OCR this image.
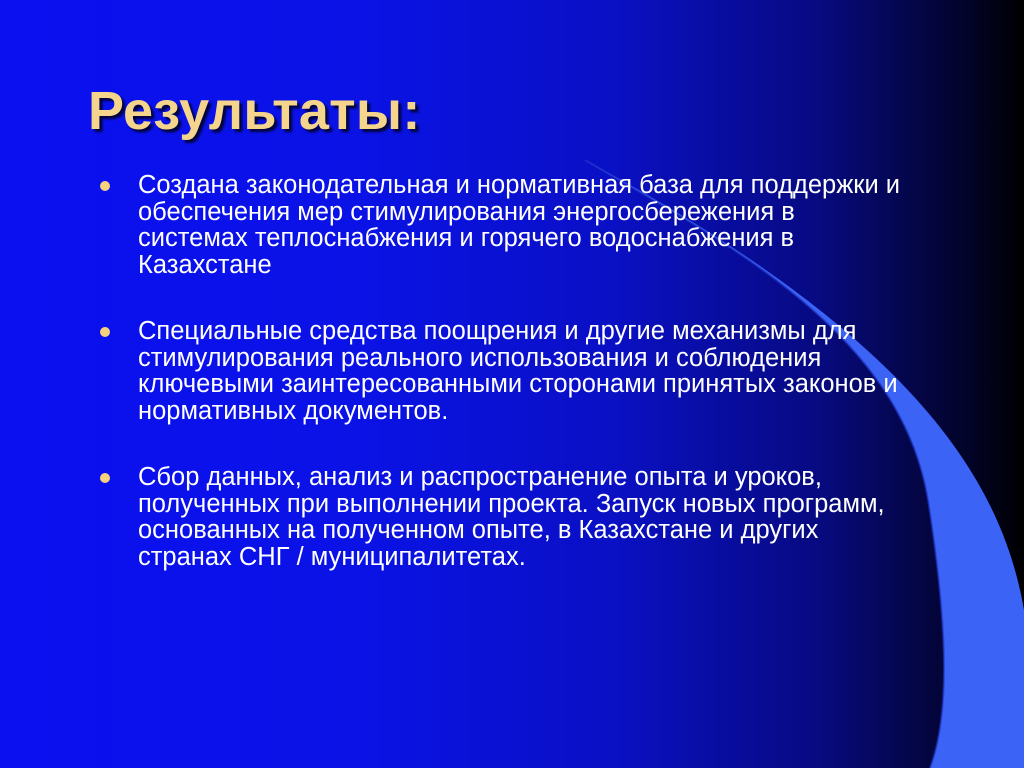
Результаты:
Создана законодательная и нормативная база для поддержки и обеспечения мер стимулирования энергосбережения в системах теплоснабжения и горячего водоснабжения в Казахстане
Специальные средства поощрения и другие механизмы для стимулирования реального использования и соблюдения ключевыми заинтересованными сторонами принятых законов и нормативных документов.
Сбор данных, анализ и распространение опыта и уроков, полученных при выполнении проекта. Запуск новых программ, основанных на полученном опыте, в Казахстане и других странах СНГ / муниципалитетах.
